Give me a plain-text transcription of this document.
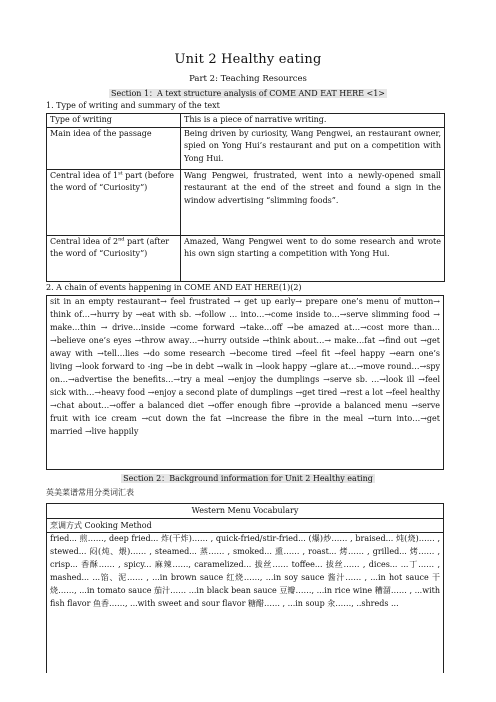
Unit 2 Healthy eating
Part 2: Teaching Resources
Section 1：A text structure analysis of COME AND EAT HERE <1>
1. Type of writing and summary of the text
Type of writing	This is a piece of narrative writing.
Main idea of the passage	Being driven by curiosity, Wang Pengwei, an restaurant owner, spied on Yong Hui’s restaurant and put on a competition with Yong Hui.
Central idea of 1st part (before the word of “Curiosity”)	Wang Pengwei, frustrated, went into a newly-opened small restaurant at the end of the street and found a sign in the window advertising “slimming foods”.
Central idea of 2nd part (after the word of “Curiosity”)	Amazed, Wang Pengwei went to do some research and wrote his own sign starting a competition with Yong Hui.
2. A chain of events happening in COME AND EAT HERE(1)(2)
sit in an empty restaurant→ feel frustrated → get up early→ prepare one’s menu of mutton→ think of…→hurry by →eat with sb. →follow … into…→come inside to…→serve slimming food → make…thin → drive…inside →come forward →take…off →be amazed at…→cost more than…→believe one’s eyes →throw away…→hurry outside →think about…→ make…fat →find out →get away with →tell…lies →do some research →become tired →feel fit →feel happy →earn one’s living →look forward to -ing →be in debt →walk in →look happy →glare at…→move round…→spy on…→advertise the benefits…→try a meal →enjoy the dumplings →serve sb. …→look ill →feel sick with…→heavy food →enjoy a second plate of dumplings →get tired →rest a lot →feel healthy →chat about…→offer a balanced diet →offer enough fibre →provide a balanced menu →serve fruit with ice cream →cut down the fat →increase the fibre in the meal →turn into…→get married →live happily
Section 2：Background information for Unit 2 Healthy eating
英美菜谱常用分类词汇表
Western Menu Vocabulary
烹调方式 Cooking Method
fried... 煎……, deep fried... 炸(干炸)…… , quick-fried/stir-fried... (爆)炒…… , braised... 炖(烧)…… , stewed... 闷(炖、煨)…… , steamed... 蒸…… , smoked... 熏…… , roast... 烤…… , grilled... 烤…… , crisp... 香酥…… , spicy... 麻辣……, caramelized... 拔丝…… toffee... 拔丝…… , dices... ...丁…… , mashed... ...馅、泥…… , ...in brown sauce 红烧……, ...in soy sauce 酱汁…… , ...in hot sauce 干烧……, ...in tomato sauce 茄汁…… ...in black bean sauce 豆瓣……, ...in rice wine 糟溜…… , ...with fish flavor 鱼香……, ...with sweet and sour flavor 糖醋…… , ...in soup 汆……, ..shreds ...
